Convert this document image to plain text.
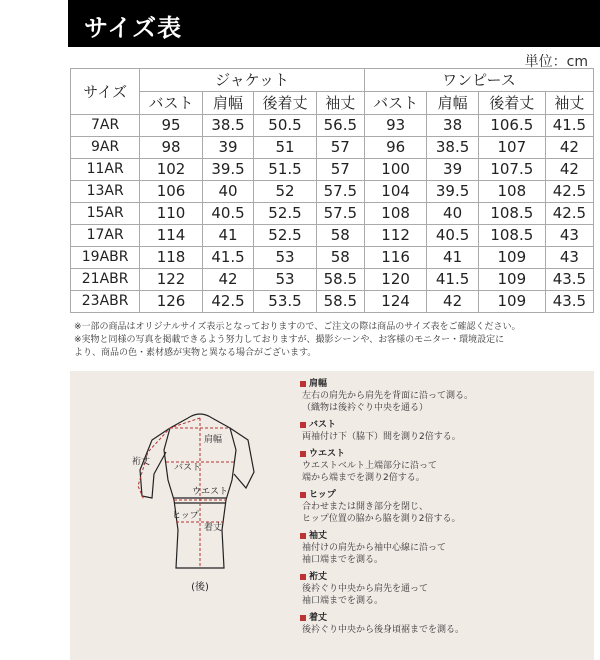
サイズ表
単位：cm
サイズ	ジャケット				ワンピース			
	バスト	肩幅	後着丈	袖丈	バスト	肩幅	後着丈	袖丈
7AR	95	38.5	50.5	56.5	93	38	106.5	41.5
9AR	98	39	51	57	96	38.5	107	42
11AR	102	39.5	51.5	57	100	39	107.5	42
13AR	106	40	52	57.5	104	39.5	108	42.5
15AR	110	40.5	52.5	57.5	108	40	108.5	42.5
17AR	114	41	52.5	58	112	40.5	108.5	43
19ABR	118	41.5	53	58	116	41	109	43
21ABR	122	42	53	58.5	120	41.5	109	43.5
23ABR	126	42.5	53.5	58.5	124	42	109	43.5
※一部の商品はオリジナルサイズ表示となっておりますので、ご注文の際は商品のサイズ表をご確認ください。
※実物と同様の写真を掲載できるよう努力しておりますが、撮影シーンや、お客様のモニター・環境設定に
より、商品の色・素材感が実物と異なる場合がございます。
肩幅
バスト
ウエスト
ヒップ
着丈
裄丈
(後)
肩幅
左右の肩先から肩先を背面に沿って測る。
（織物は後衿ぐり中央を通る）
バスト
両袖付け下（脇下）間を測り2倍する。
ウエスト
ウエストベルト上端部分に沿って
端から端までを測り2倍する。
ヒップ
合わせまたは開き部分を閉じ、
ヒップ位置の脇から脇を測り2倍する。
袖丈
袖付けの肩先から袖中心線に沿って
袖口端までを測る。
裄丈
後衿ぐり中央から肩先を通って
袖口端までを測る。
着丈
後衿ぐり中央から後身頃裾までを測る。
